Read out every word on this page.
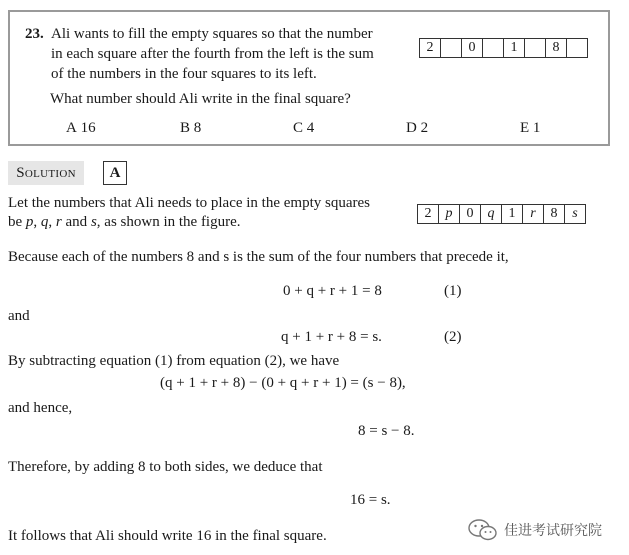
23. Ali wants to fill the empty squares so that the number

in each square after the fourth from the left is the sum

of the numbers in the four squares to its left.
2	0	1	8
What number should Ali write in the final square?
A 16	B 8	C 4	D 2	E 1
Solution	A
Let the numbers that Ali needs to place in the empty squares
be p, q, r and s, as shown in the figure.
2	p	0	q	1	r	8	s
Because each of the numbers 8 and s is the sum of the four numbers that precede it,
0 + q + r + 1 = 8	(1)
and
q + 1 + r + 8 = s.	(2)
By subtracting equation (1) from equation (2), we have
(q + 1 + r + 8) − (0 + q + r + 1) = (s − 8),
and hence,
8 = s − 8.
Therefore, by adding 8 to both sides, we deduce that
16 = s.
It follows that Ali should write 16 in the final square.	佳进考试研究院
